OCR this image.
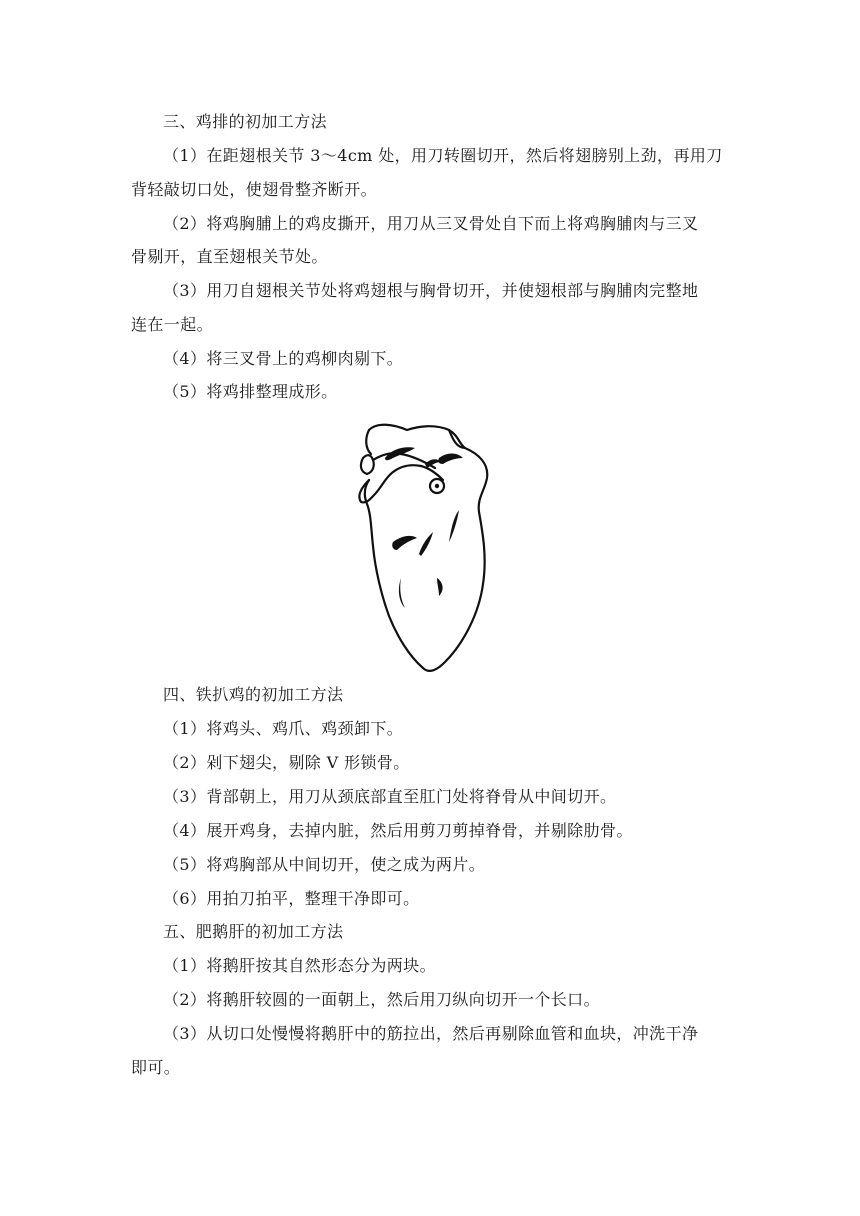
三、鸡排的初加工方法
（1）在距翅根关节 3～4cm 处，用刀转圈切开，然后将翅膀别上劲，再用刀
背轻敲切口处，使翅骨整齐断开。
（2）将鸡胸脯上的鸡皮撕开，用刀从三叉骨处自下而上将鸡胸脯肉与三叉
骨剔开，直至翅根关节处。
（3）用刀自翅根关节处将鸡翅根与胸骨切开，并使翅根部与胸脯肉完整地
连在一起。
（4）将三叉骨上的鸡柳肉剔下。
（5）将鸡排整理成形。
四、铁扒鸡的初加工方法
（1）将鸡头、鸡爪、鸡颈卸下。
（2）剁下翅尖，剔除 V 形锁骨。
（3）背部朝上，用刀从颈底部直至肛门处将脊骨从中间切开。
（4）展开鸡身，去掉内脏，然后用剪刀剪掉脊骨，并剔除肋骨。
（5）将鸡胸部从中间切开，使之成为两片。
（6）用拍刀拍平，整理干净即可。
五、肥鹅肝的初加工方法
（1）将鹅肝按其自然形态分为两块。
（2）将鹅肝较圆的一面朝上，然后用刀纵向切开一个长口。
（3）从切口处慢慢将鹅肝中的筋拉出，然后再剔除血管和血块，冲洗干净
即可。
